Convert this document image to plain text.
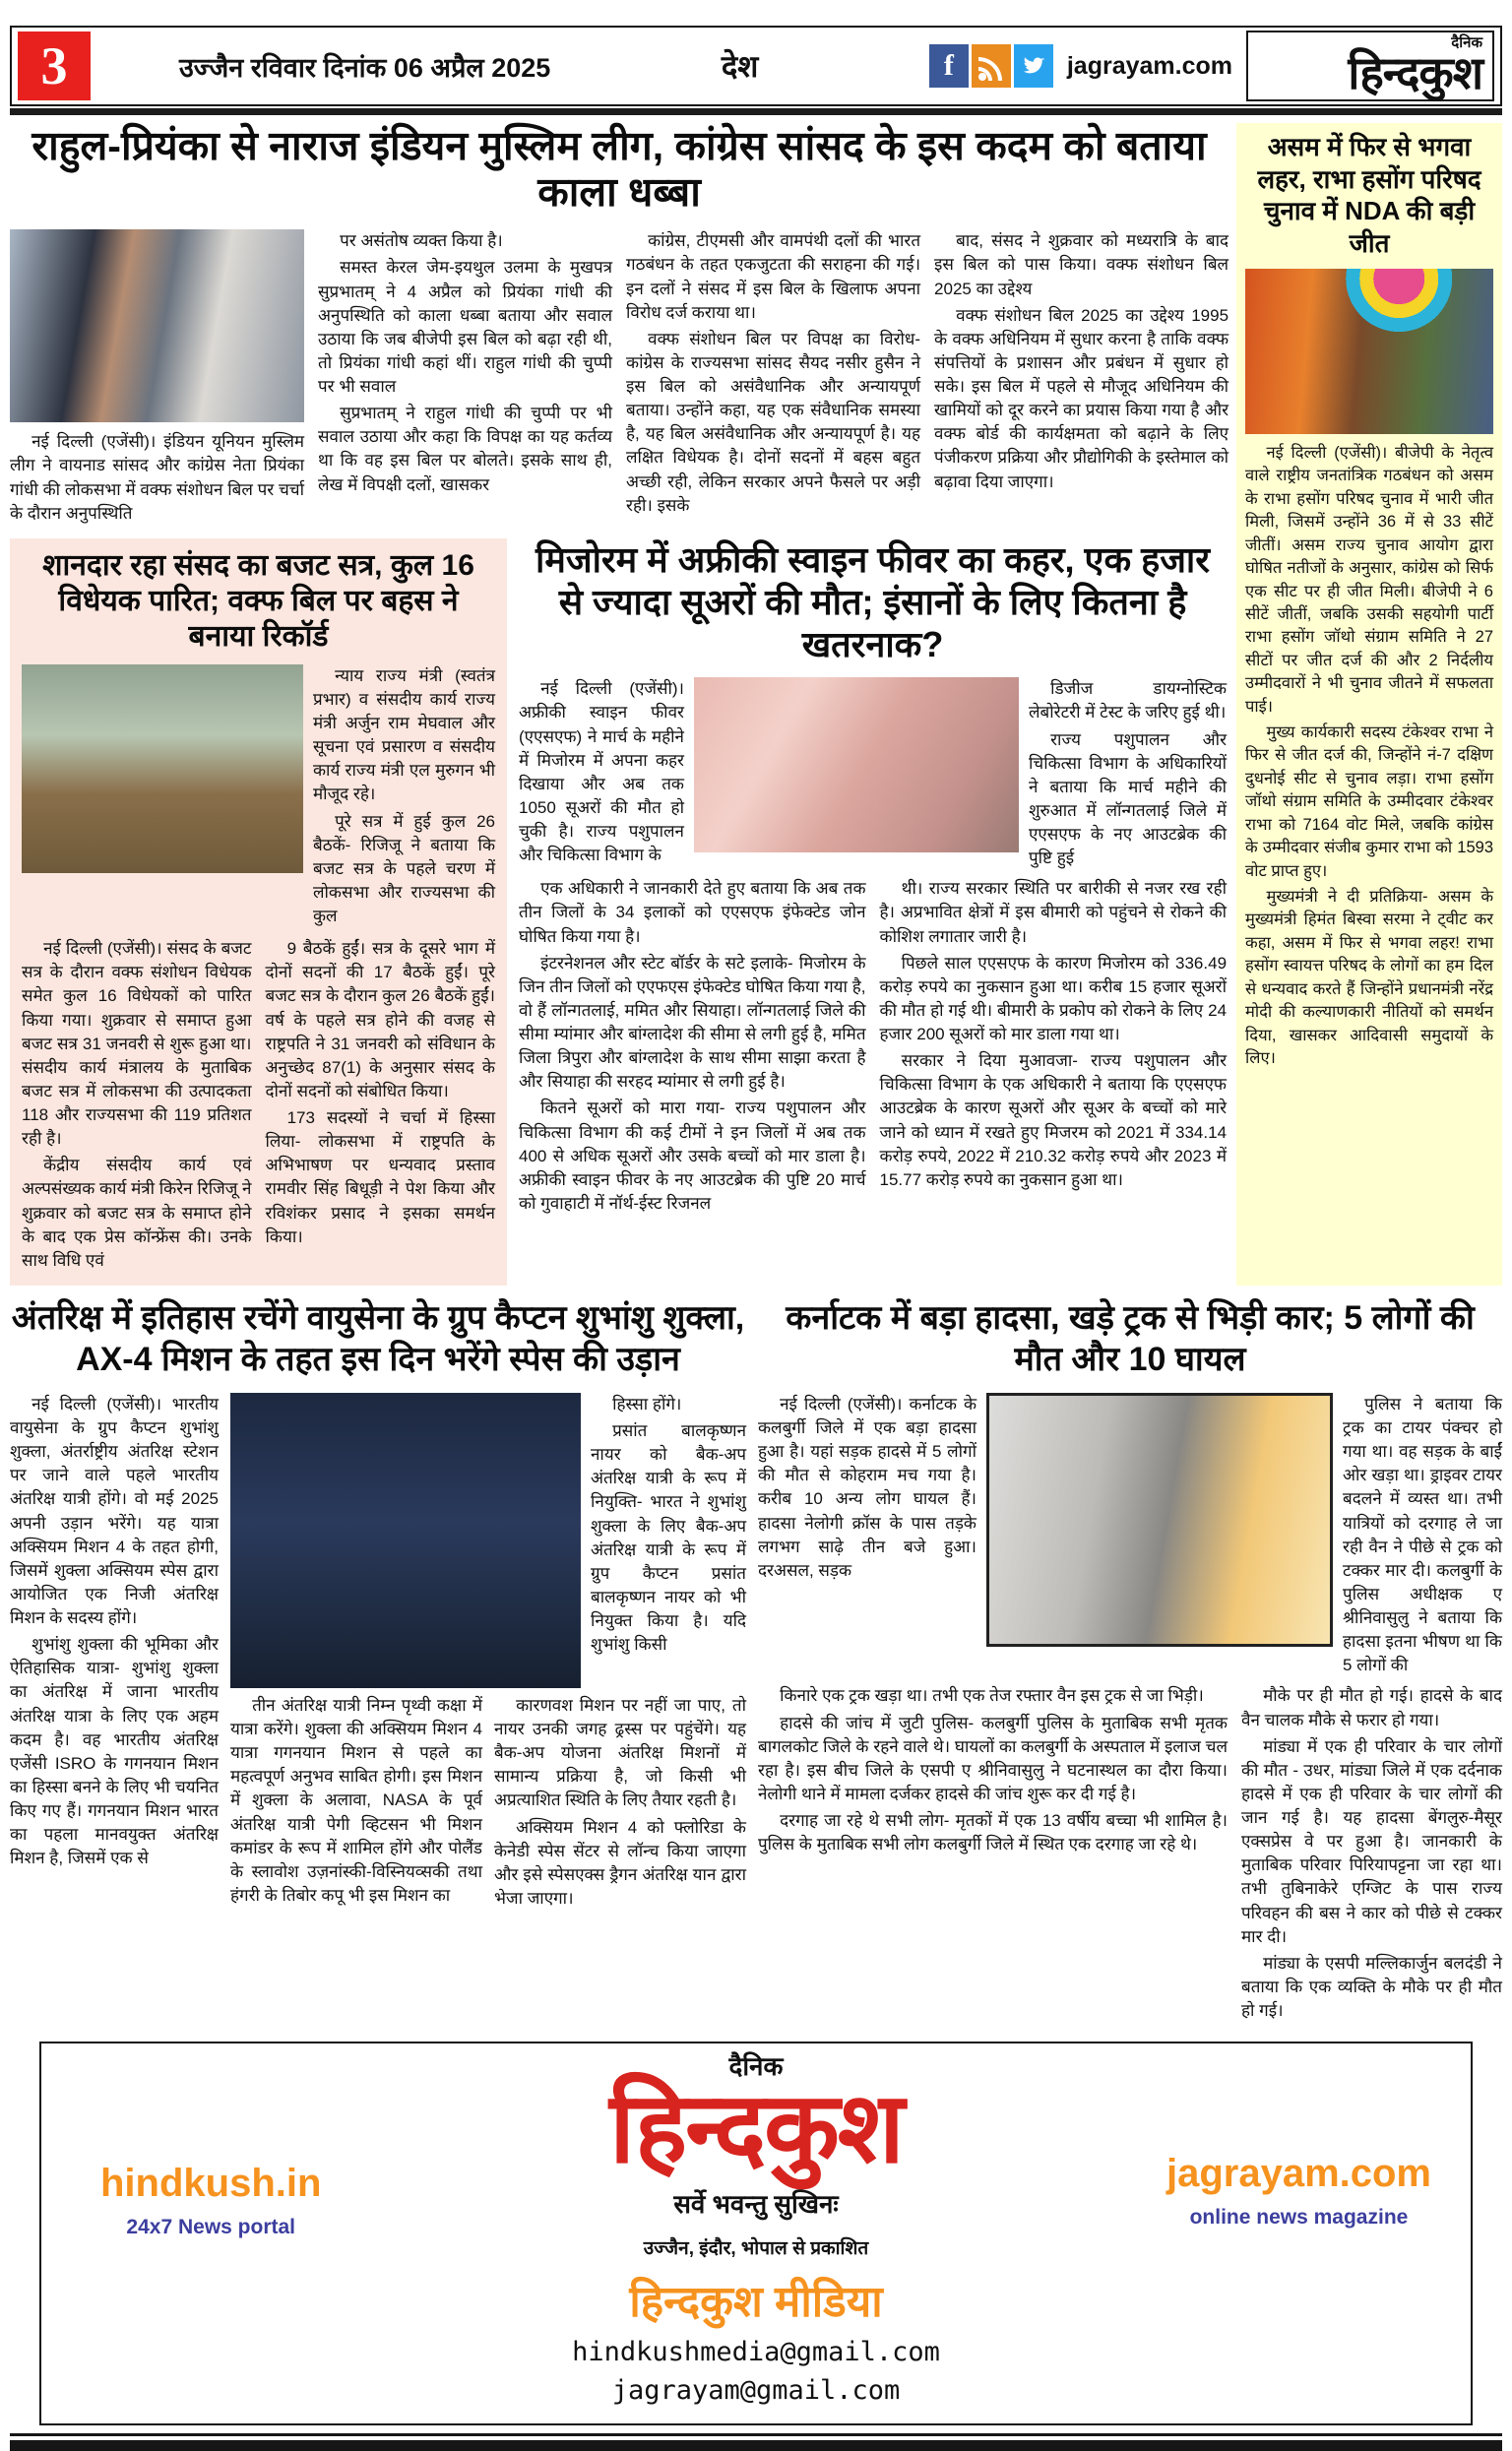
3	उज्जैन रविवार दिनांक 06 अप्रैल 2025	देश	f	jagrayam.com
दैनिक
हिन्दकुश
राहुल-प्रियंका से नाराज इंडियन मुस्लिम लीग, कांग्रेस सांसद के इस कदम को बताया काला धब्बा

नई दिल्ली (एजेंसी)। इंडियन यूनियन मुस्लिम लीग ने वायनाड सांसद और कांग्रेस नेता प्रियंका गांधी की लोकसभा में वक्फ संशोधन बिल पर चर्चा के दौरान अनुपस्थिति

पर असंतोष व्यक्त किया है।

समस्त केरल जेम-इयथुल उलमा के मुखपत्र सुप्रभातम् ने 4 अप्रैल को प्रियंका गांधी की अनुपस्थिति को काला धब्बा बताया और सवाल उठाया कि जब बीजेपी इस बिल को बढ़ा रही थी, तो प्रियंका गांधी कहां थीं। राहुल गांधी की चुप्पी पर भी सवाल

सुप्रभातम् ने राहुल गांधी की चुप्पी पर भी सवाल उठाया और कहा कि विपक्ष का यह कर्तव्य था कि वह इस बिल पर बोलते। इसके साथ ही, लेख में विपक्षी दलों, खासकर

कांग्रेस, टीएमसी और वामपंथी दलों की भारत गठबंधन के तहत एकजुटता की सराहना की गई। इन दलों ने संसद में इस बिल के खिलाफ अपना विरोध दर्ज कराया था।

वक्फ संशोधन बिल पर विपक्ष का विरोध- कांग्रेस के राज्यसभा सांसद सैयद नसीर हुसैन ने इस बिल को असंवैधानिक और अन्यायपूर्ण बताया। उन्होंने कहा, यह एक संवैधानिक समस्या है, यह बिल असंवैधानिक और अन्यायपूर्ण है। यह लक्षित विधेयक है। दोनों सदनों में बहस बहुत अच्छी रही, लेकिन सरकार अपने फैसले पर अड़ी रही। इसके

बाद, संसद ने शुक्रवार को मध्यरात्रि के बाद इस बिल को पास किया। वक्फ संशोधन बिल 2025 का उद्देश्य

वक्फ संशोधन बिल 2025 का उद्देश्य 1995 के वक्फ अधिनियम में सुधार करना है ताकि वक्फ संपत्तियों के प्रशासन और प्रबंधन में सुधार हो सके। इस बिल में पहले से मौजूद अधिनियम की खामियों को दूर करने का प्रयास किया गया है और वक्फ बोर्ड की कार्यक्षमता को बढ़ाने के लिए पंजीकरण प्रक्रिया और प्रौद्योगिकी के इस्तेमाल को बढ़ावा दिया जाएगा।

शानदार रहा संसद का बजट सत्र, कुल 16 विधेयक पारित; वक्फ बिल पर बहस ने बनाया रिकॉर्ड

न्याय राज्य मंत्री (स्वतंत्र प्रभार) व संसदीय कार्य राज्य मंत्री अर्जुन राम मेघवाल और सूचना एवं प्रसारण व संसदीय कार्य राज्य मंत्री एल मुरुगन भी मौजूद रहे।

पूरे सत्र में हुई कुल 26 बैठकें- रिजिजू ने बताया कि बजट सत्र के पहले चरण में लोकसभा और राज्यसभा की कुल

नई दिल्ली (एजेंसी)। संसद के बजट सत्र के दौरान वक्फ संशोधन विधेयक समेत कुल 16 विधेयकों को पारित किया गया। शुक्रवार से समाप्त हुआ बजट सत्र 31 जनवरी से शुरू हुआ था। संसदीय कार्य मंत्रालय के मुताबिक बजट सत्र में लोकसभा की उत्पादकता 118 और राज्यसभा की 119 प्रतिशत रही है।

केंद्रीय संसदीय कार्य एवं अल्पसंख्यक कार्य मंत्री किरेन रिजिजू ने शुक्रवार को बजट सत्र के समाप्त होने के बाद एक प्रेस कॉन्फ्रेंस की। उनके साथ विधि एवं

9 बैठकें हुईं। सत्र के दूसरे भाग में दोनों सदनों की 17 बैठकें हुईं। पूरे बजट सत्र के दौरान कुल 26 बैठकें हुईं। वर्ष के पहले सत्र होने की वजह से राष्ट्रपति ने 31 जनवरी को संविधान के अनुच्छेद 87(1) के अनुसार संसद के दोनों सदनों को संबोधित किया।

173 सदस्यों ने चर्चा में हिस्सा लिया- लोकसभा में राष्ट्रपति के अभिभाषण पर धन्यवाद प्रस्ताव रामवीर सिंह बिधूड़ी ने पेश किया और रविशंकर प्रसाद ने इसका समर्थन किया।

मिजोरम में अफ्रीकी स्वाइन फीवर का कहर, एक हजार से ज्यादा सूअरों की मौत; इंसानों के लिए कितना है खतरनाक?

नई दिल्ली (एजेंसी)। अफ्रीकी स्वाइन फीवर (एएसएफ) ने मार्च के महीने में मिजोरम में अपना कहर दिखाया और अब तक 1050 सूअरों की मौत हो चुकी है। राज्य पशुपालन और चिकित्सा विभाग के

डिजीज डायग्नोस्टिक लेबोरेटरी में टेस्ट के जरिए हुई थी।

राज्य पशुपालन और चिकित्सा विभाग के अधिकारियों ने बताया कि मार्च महीने की शुरुआत में लॉन्गतलाई जिले में एएसएफ के नए आउटब्रेक की पुष्टि हुई

एक अधिकारी ने जानकारी देते हुए बताया कि अब तक तीन जिलों के 34 इलाकों को एएसएफ इंफेक्टेड जोन घोषित किया गया है।

इंटरनेशनल और स्टेट बॉर्डर के सटे इलाके- मिजोरम के जिन तीन जिलों को एएफएस इंफेक्टेड घोषित किया गया है, वो हैं लॉन्गतलाई, ममित और सियाहा। लॉन्गतलाई जिले की सीमा म्यांमार और बांग्लादेश की सीमा से लगी हुई है, ममित जिला त्रिपुरा और बांग्लादेश के साथ सीमा साझा करता है और सियाहा की सरहद म्यांमार से लगी हुई है।

कितने सूअरों को मारा गया- राज्य पशुपालन और चिकित्सा विभाग की कई टीमों ने इन जिलों में अब तक 400 से अधिक सूअरों और उसके बच्चों को मार डाला है। अफ्रीकी स्वाइन फीवर के नए आउटब्रेक की पुष्टि 20 मार्च को गुवाहाटी में नॉर्थ-ईस्ट रिजनल

थी। राज्य सरकार स्थिति पर बारीकी से नजर रख रही है। अप्रभावित क्षेत्रों में इस बीमारी को पहुंचने से रोकने की कोशिश लगातार जारी है।

पिछले साल एएसएफ के कारण मिजोरम को 336.49 करोड़ रुपये का नुकसान हुआ था। करीब 15 हजार सूअरों की मौत हो गई थी। बीमारी के प्रकोप को रोकने के लिए 24 हजार 200 सूअरों को मार डाला गया था।

सरकार ने दिया मुआवजा- राज्य पशुपालन और चिकित्सा विभाग के एक अधिकारी ने बताया कि एएसएफ आउटब्रेक के कारण सूअरों और सूअर के बच्चों को मारे जाने को ध्यान में रखते हुए मिजरम को 2021 में 334.14 करोड़ रुपये, 2022 में 210.32 करोड़ रुपये और 2023 में 15.77 करोड़ रुपये का नुकसान हुआ था।

असम में फिर से भगवा लहर, राभा हसोंग परिषद चुनाव में NDA की बड़ी जीत

नई दिल्ली (एजेंसी)। बीजेपी के नेतृत्व वाले राष्ट्रीय जनतांत्रिक गठबंधन को असम के राभा हसोंग परिषद चुनाव में भारी जीत मिली, जिसमें उन्होंने 36 में से 33 सीटें जीतीं। असम राज्य चुनाव आयोग द्वारा घोषित नतीजों के अनुसार, कांग्रेस को सिर्फ एक सीट पर ही जीत मिली। बीजेपी ने 6 सीटें जीतीं, जबकि उसकी सहयोगी पार्टी राभा हसोंग जॉथो संग्राम समिति ने 27 सीटों पर जीत दर्ज की और 2 निर्दलीय उम्मीदवारों ने भी चुनाव जीतने में सफलता पाई।

मुख्य कार्यकारी सदस्य टंकेश्वर राभा ने फिर से जीत दर्ज की, जिन्होंने नं-7 दक्षिण दुधनोई सीट से चुनाव लड़ा। राभा हसोंग जॉथो संग्राम समिति के उम्मीदवार टंकेश्वर राभा को 7164 वोट मिले, जबकि कांग्रेस के उम्मीदवार संजीब कुमार राभा को 1593 वोट प्राप्त हुए।

मुख्यमंत्री ने दी प्रतिक्रिया- असम के मुख्यमंत्री हिमंत बिस्वा सरमा ने ट्वीट कर कहा, असम में फिर से भगवा लहर! राभा हसोंग स्वायत्त परिषद के लोगों का हम दिल से धन्यवाद करते हैं जिन्होंने प्रधानमंत्री नरेंद्र मोदी की कल्याणकारी नीतियों को समर्थन दिया, खासकर आदिवासी समुदायों के लिए।

अंतरिक्ष में इतिहास रचेंगे वायुसेना के ग्रुप कैप्टन शुभांशु शुक्ला, AX-4 मिशन के तहत इस दिन भरेंगे स्पेस की उड़ान

नई दिल्ली (एजेंसी)। भारतीय वायुसेना के ग्रुप कैप्टन शुभांशु शुक्ला, अंतर्राष्ट्रीय अंतरिक्ष स्टेशन पर जाने वाले पहले भारतीय अंतरिक्ष यात्री होंगे। वो मई 2025 अपनी उड़ान भरेंगे। यह यात्रा अक्सियम मिशन 4 के तहत होगी, जिसमें शुक्ला अक्सियम स्पेस द्वारा आयोजित एक निजी अंतरिक्ष मिशन के सदस्य होंगे।

शुभांशु शुक्ला की भूमिका और ऐतिहासिक यात्रा- शुभांशु शुक्ला का अंतरिक्ष में जाना भारतीय अंतरिक्ष यात्रा के लिए एक अहम कदम है। वह भारतीय अंतरिक्ष एजेंसी ISRO के गगनयान मिशन का हिस्सा बनने के लिए भी चयनित किए गए हैं। गगनयान मिशन भारत का पहला मानवयुक्त अंतरिक्ष मिशन है, जिसमें एक से

हिस्सा होंगे।

प्रसांत बालकृष्णन नायर को बैक-अप अंतरिक्ष यात्री के रूप में नियुक्ति- भारत ने शुभांशु शुक्ला के लिए बैक-अप अंतरिक्ष यात्री के रूप में ग्रुप कैप्टन प्रसांत बालकृष्णन नायर को भी नियुक्त किया है। यदि शुभांशु किसी

तीन अंतरिक्ष यात्री निम्न पृथ्वी कक्षा में यात्रा करेंगे। शुक्ला की अक्सियम मिशन 4 यात्रा गगनयान मिशन से पहले का महत्वपूर्ण अनुभव साबित होगी। इस मिशन में शुक्ला के अलावा, NASA के पूर्व अंतरिक्ष यात्री पेगी व्हिटसन भी मिशन कमांडर के रूप में शामिल होंगे और पोलैंड के स्लावोश उज़नांस्की-विस्नियव्सकी तथा हंगरी के तिबोर कपू भी इस मिशन का

कारणवश मिशन पर नहीं जा पाए, तो नायर उनकी जगह ढ्रस्स पर पहुंचेंगे। यह बैक-अप योजना अंतरिक्ष मिशनों में सामान्य प्रक्रिया है, जो किसी भी अप्रत्याशित स्थिति के लिए तैयार रहती है।

अक्सियम मिशन 4 को फ्लोरिडा के केनेडी स्पेस सेंटर से लॉन्च किया जाएगा और इसे स्पेसएक्स ड्रैगन अंतरिक्ष यान द्वारा भेजा जाएगा।

कर्नाटक में बड़ा हादसा, खड़े ट्रक से भिड़ी कार; 5 लोगों की मौत और 10 घायल

नई दिल्ली (एजेंसी)। कर्नाटक के कलबुर्गी जिले में एक बड़ा हादसा हुआ है। यहां सड़क हादसे में 5 लोगों की मौत से कोहराम मच गया है। करीब 10 अन्य लोग घायल हैं। हादसा नेलोगी क्रॉस के पास तड़के लगभग साढ़े तीन बजे हुआ। दरअसल, सड़क

पुलिस ने बताया कि ट्रक का टायर पंक्चर हो गया था। वह सड़क के बाईं ओर खड़ा था। ड्राइवर टायर बदलने में व्यस्त था। तभी यात्रियों को दरगाह ले जा रही वैन ने पीछे से ट्रक को टक्कर मार दी। कलबुर्गी के पुलिस अधीक्षक ए श्रीनिवासुलु ने बताया कि हादसा इतना भीषण था कि 5 लोगों की

किनारे एक ट्रक खड़ा था। तभी एक तेज रफ्तार वैन इस ट्रक से जा भिड़ी।

हादसे की जांच में जुटी पुलिस- कलबुर्गी पुलिस के मुताबिक सभी मृतक बागलकोट जिले के रहने वाले थे। घायलों का कलबुर्गी के अस्पताल में इलाज चल रहा है। इस बीच जिले के एसपी ए श्रीनिवासुलु ने घटनास्थल का दौरा किया। नेलोगी थाने में मामला दर्जकर हादसे की जांच शुरू कर दी गई है।

दरगाह जा रहे थे सभी लोग- मृतकों में एक 13 वर्षीय बच्चा भी शामिल है। पुलिस के मुताबिक सभी लोग कलबुर्गी जिले में स्थित एक दरगाह जा रहे थे।

मौके पर ही मौत हो गई। हादसे के बाद वैन चालक मौके से फरार हो गया।

मांड्या में एक ही परिवार के चार लोगों की मौत - उधर, मांड्या जिले में एक दर्दनाक हादसे में एक ही परिवार के चार लोगों की जान गई है। यह हादसा बेंगलुरु-मैसूर एक्सप्रेस वे पर हुआ है। जानकारी के मुताबिक परिवार पिरियापट्टना जा रहा था। तभी तुबिनाकेरे एग्जिट के पास राज्य परिवहन की बस ने कार को पीछे से टक्कर मार दी।

मांड्या के एसपी मल्लिकार्जुन बलदंडी ने बताया कि एक व्यक्ति के मौके पर ही मौत हो गई।

दैनिक
हिन्दकुश
सर्वे भवन्तु सुखिनः
उज्जैन, इंदौर, भोपाल से प्रकाशित
हिन्दकुश मीडिया
hindkushmedia@gmail.com
jagrayam@gmail.com
hindkush.in
24x7 News portal
jagrayam.com
online news magazine
